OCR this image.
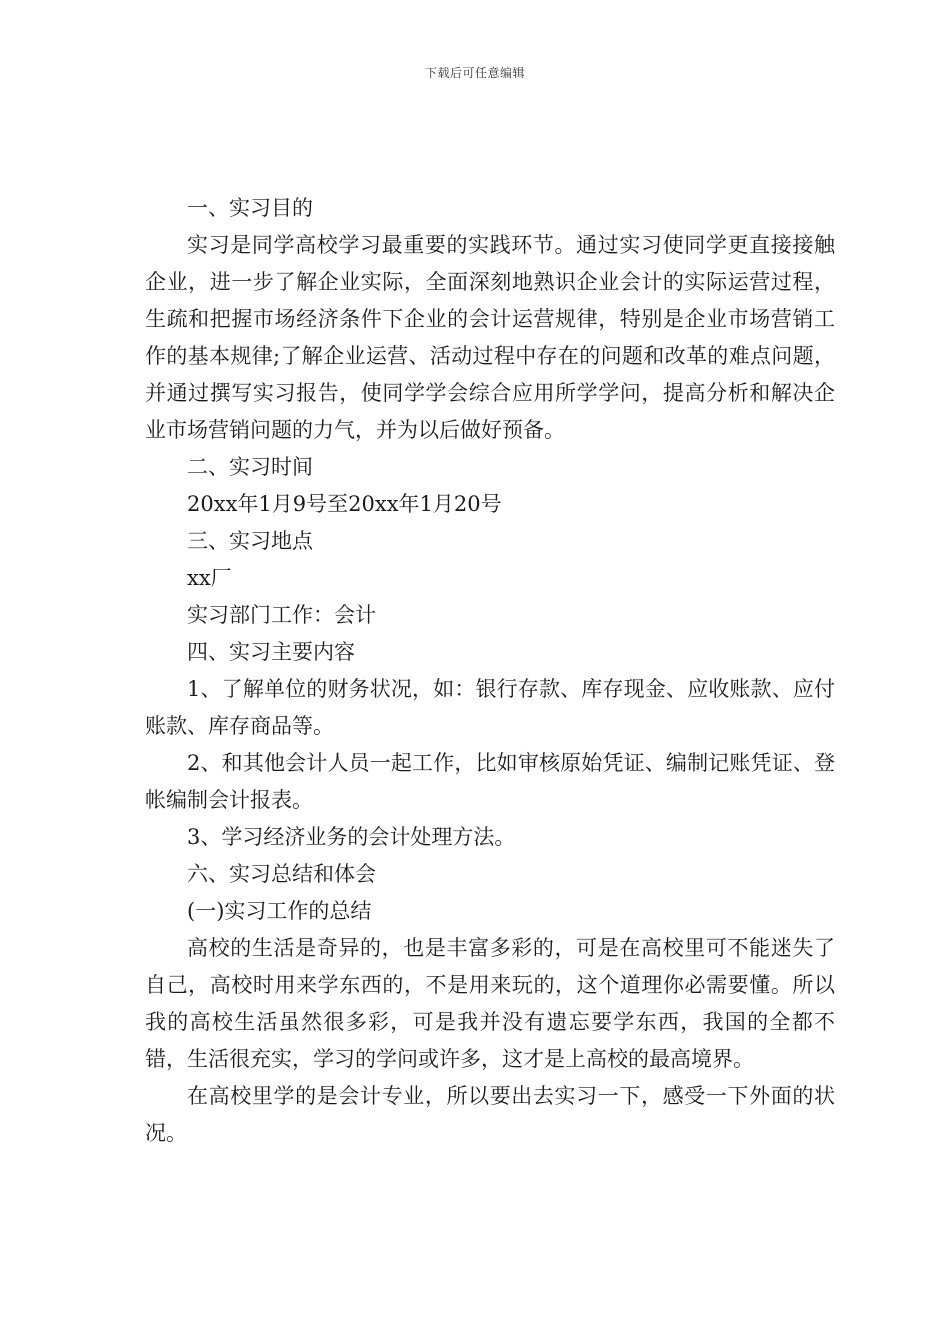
下载后可任意编辑

一、实习目的

实习是同学高校学习最重要的实践环节。通过实习使同学更直接接触企业，进一步了解企业实际，全面深刻地熟识企业会计的实际运营过程，生疏和把握市场经济条件下企业的会计运营规律，特别是企业市场营销工作的基本规律;了解企业运营、活动过程中存在的问题和改革的难点问题，并通过撰写实习报告，使同学学会综合应用所学学问，提高分析和解决企业市场营销问题的力气，并为以后做好预备。

二、实习时间

20xx年1月9号至20xx年1月20号

三、实习地点

xx厂

实习部门工作：会计

四、实习主要内容

1、了解单位的财务状况，如：银行存款、库存现金、应收账款、应付账款、库存商品等。

2、和其他会计人员一起工作，比如审核原始凭证、编制记账凭证、登帐编制会计报表。

3、学习经济业务的会计处理方法。

六、实习总结和体会

(一)实习工作的总结

高校的生活是奇异的，也是丰富多彩的，可是在高校里可不能迷失了自己，高校时用来学东西的，不是用来玩的，这个道理你必需要懂。所以我的高校生活虽然很多彩，可是我并没有遗忘要学东西，我国的全都不错，生活很充实，学习的学问或许多，这才是上高校的最高境界。

在高校里学的是会计专业，所以要出去实习一下，感受一下外面的状况。
